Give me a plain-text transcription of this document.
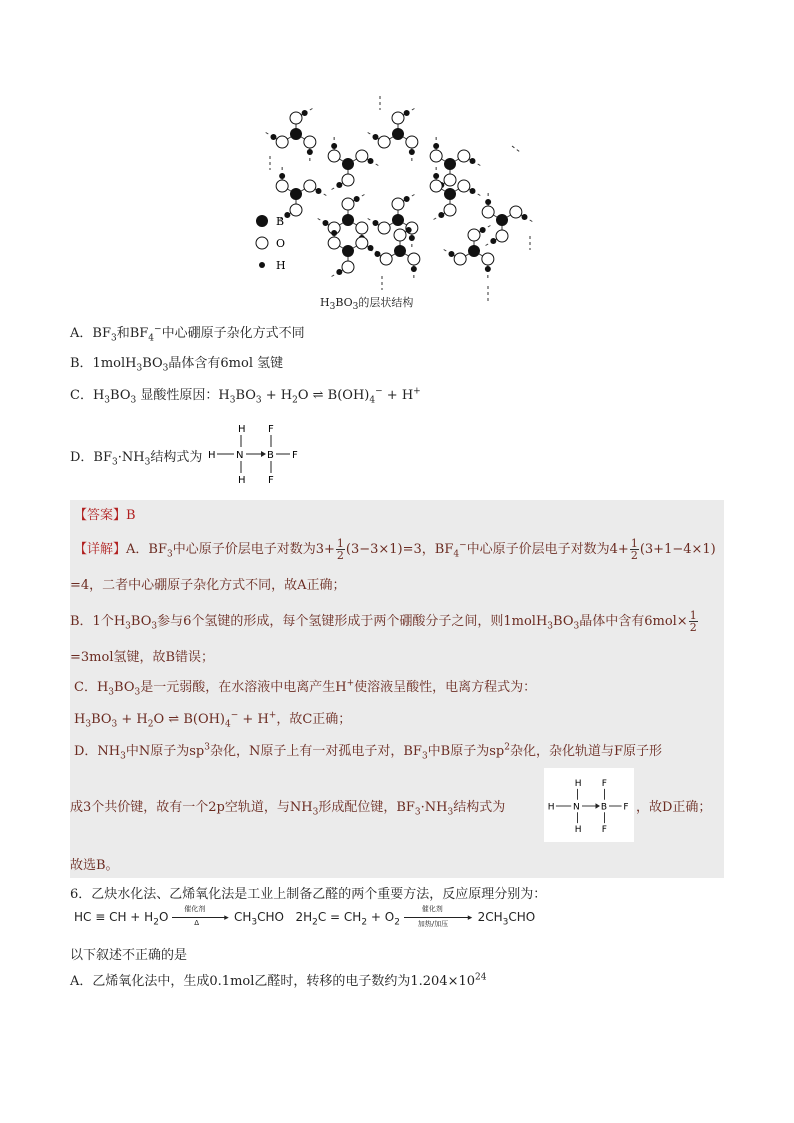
B
O
H
$H_3BO_3$的层状结构
A．$BF_3$和$BF_4^-$中心硼原子杂化方式不同
B．$1molH_3BO_3$晶体含有6mol 氢键
C．$H_3BO_3$ 显酸性原因：$H_3BO_3 + H_2O$ ⇌ $B(OH)_4^- + H^+$
D．$BF_3\cdot NH_3$结构式为
H
H N B F
H
F
F
【答案】B
【详解】A．$BF_3$中心原子价层电子对数为$3+ \frac{1}{2} (3-3\times 1)=3$，$BF_4^-$中心原子价层电子对数为$4+ \frac{1}{2} (3+1-4\times 1)$
=4，二者中心硼原子杂化方式不同，故A正确；
B．1个$H_3BO_3$参与6个氢键的形成，每个氢键形成于两个硼酸分子之间，则$1molH_3BO_3$晶体中含有$6mol\times \frac{1}{2}$
=3mol氢键，故B错误；
C．$H_3BO_3$是一元弱酸，在水溶液中电离产生H+使溶液呈酸性，电离方程式为：
$H_3BO_3 + H_2O$ ⇌ $B(OH)_4^- + H^+$，故C正确；
D．$NH_3$中N原子为$sp^3$杂化，N原子上有一对孤电子对，$BF_3$中B原子为$sp^2$杂化，杂化轨道与F原子形
成3个共价键，故有一个2p空轨道，与$NH_3$形成配位键，$BF_3\cdot NH_3$结构式为
H
H N B F
H
F
F
，故D正确；
故选B。
6．乙炔水化法、乙烯氧化法是工业上制备乙醛的两个重要方法，反应原理分别为：
HC ≡ CH + $H_2O$
催化剂
▸
Δ	$CH_3CHO$   $2H_2C = CH_2 + O_2$
催化剂
▸
加热/加压 $2CH_3CHO$
以下叙述不正确的是
A．乙烯氧化法中，生成0.1mol乙醛时，转移的电子数约为$1.204\times 10^{24}$
